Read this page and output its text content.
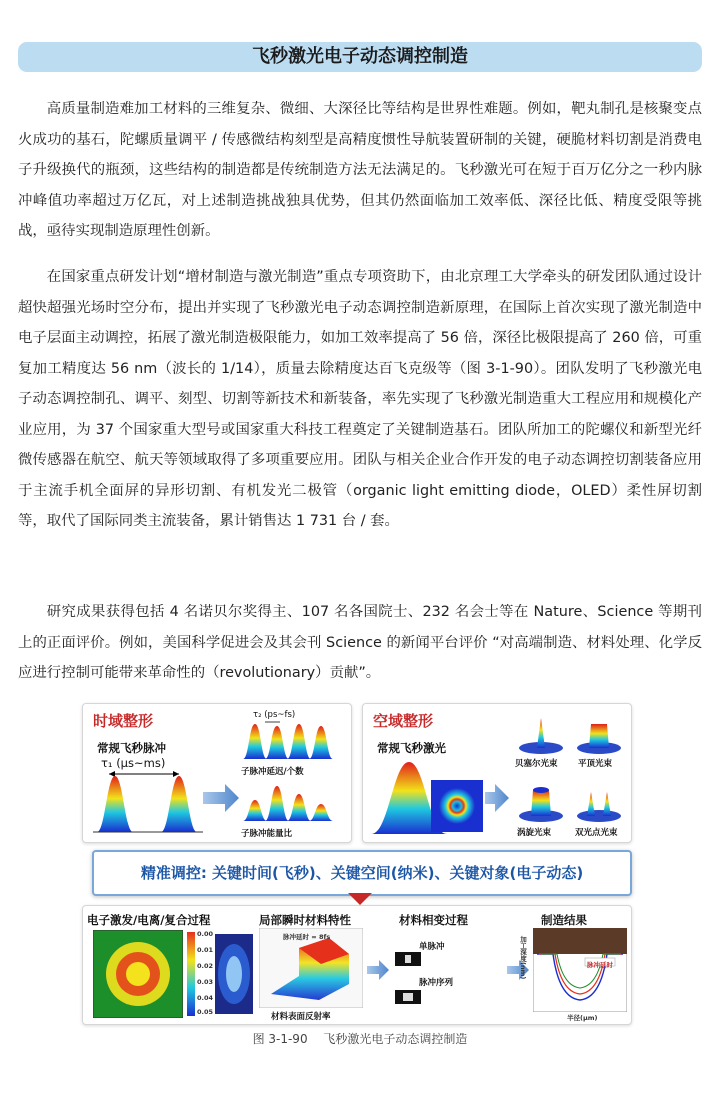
飞秒激光电子动态调控制造

高质量制造难加工材料的三维复杂、微细、大深径比等结构是世界性难题。例如，靶丸制孔是核聚变点火成功的基石，陀螺质量调平 / 传感微结构刻型是高精度惯性导航装置研制的关键，硬脆材料切割是消费电子升级换代的瓶颈，这些结构的制造都是传统制造方法无法满足的。飞秒激光可在短于百万亿分之一秒内脉冲峰值功率超过万亿瓦，对上述制造挑战独具优势，但其仍然面临加工效率低、深径比低、精度受限等挑战，亟待实现制造原理性创新。

在国家重点研发计划“增材制造与激光制造”重点专项资助下，由北京理工大学牵头的研发团队通过设计超快超强光场时空分布，提出并实现了飞秒激光电子动态调控制造新原理，在国际上首次实现了激光制造中电子层面主动调控，拓展了激光制造极限能力，如加工效率提高了 56 倍，深径比极限提高了 260 倍，可重复加工精度达 56 nm（波长的 1/14），质量去除精度达百飞克级等（图 3-1-90）。团队发明了飞秒激光电子动态调控制孔、调平、刻型、切割等新技术和新装备，率先实现了飞秒激光制造重大工程应用和规模化产业应用，为 37 个国家重大型号或国家重大科技工程奠定了关键制造基石。团队所加工的陀螺仪和新型光纤微传感器在航空、航天等领域取得了多项重要应用。团队与相关企业合作开发的电子动态调控切割装备应用于主流手机全面屏的异形切割、有机发光二极管（organic light emitting diode，OLED）柔性屏切割等，取代了国际同类主流装备，累计销售达 1 731 台 / 套。

研究成果获得包括 4 名诺贝尔奖得主、107 名各国院士、232 名会士等在 Nature、Science 等期刊上的正面评价。例如，美国科学促进会及其会刊 Science 的新闻平台评价 “对高端制造、材料处理、化学反应进行控制可能带来革命性的（revolutionary）贡献”。

时域整形
常规飞秒脉冲
τ₁ (μs~ms)
τ₂ (ps~fs)
子脉冲延迟/个数
子脉冲能量比
空域整形
常规飞秒激光
贝塞尔光束 平顶光束
涡旋光束	双光点光束
精准调控: 关键时间(飞秒)、关键空间(纳米)、关键对象(电子动态)
电子激发/电离/复合过程	局部瞬时材料特性	材料相变过程	制造结果
0.00
0.01
0.02
0.03
0.04
0.05
脉冲延时 = 8fs
材料表面反射率
单脉冲
脉冲序列
脉冲延时
加工深度(nm)
半径(μm)
图 3-1-90 飞秒激光电子动态调控制造
